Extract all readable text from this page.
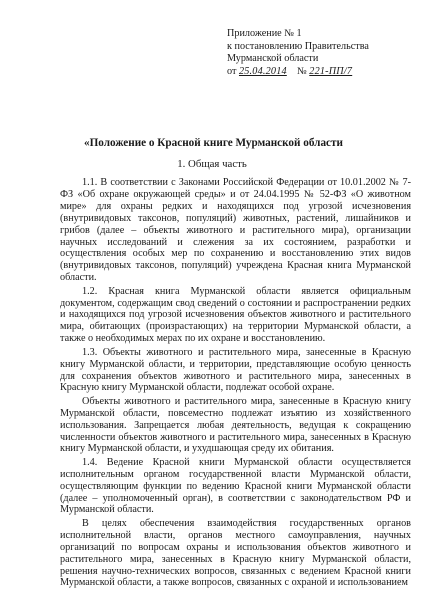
Приложение № 1
к постановлению Правительства
Мурманской области
от 25.04.2014 № 221-ПП/7
«Положение о Красной книге Мурманской области
1. Общая часть

1.1. В соответствии с Законами Российской Федерации от 10.01.2002 № 7-ФЗ «Об охране окружающей среды» и от 24.04.1995 № 52-ФЗ «О животном мире» для охраны редких и находящихся под угрозой исчезновения (внутривидовых таксонов, популяций) животных, растений, лишайников и грибов (далее – объекты животного и растительного мира), организации научных исследований и слежения за их состоянием, разработки и осуществления особых мер по сохранению и восстановлению этих видов (внутривидовых таксонов, популяций) учреждена Красная книга Мурманской области.

1.2. Красная книга Мурманской области является официальным документом, содержащим свод сведений о состоянии и распространении редких и находящихся под угрозой исчезновения объектов животного и растительного мира, обитающих (произрастающих) на территории Мурманской области, а также о необходимых мерах по их охране и восстановлению.

1.3. Объекты животного и растительного мира, занесенные в Красную книгу Мурманской области, и территории, представляющие особую ценность для сохранения объектов животного и растительного мира, занесенных в Красную книгу Мурманской области, подлежат особой охране.

Объекты животного и растительного мира, занесенные в Красную книгу Мурманской области, повсеместно подлежат изъятию из хозяйственного использования. Запрещается любая деятельность, ведущая к сокращению численности объектов животного и растительного мира, занесенных в Красную книгу Мурманской области, и ухудшающая среду их обитания.

1.4. Ведение Красной книги Мурманской области осуществляется исполнительным органом государственной власти Мурманской области, осуществляющим функции по ведению Красной книги Мурманской области (далее – уполномоченный орган), в соответствии с законодательством РФ и Мурманской области.

В целях обеспечения взаимодействия государственных органов исполнительной власти, органов местного самоуправления, научных организаций по вопросам охраны и использования объектов животного и растительного мира, занесенных в Красную книгу Мурманской области, решения научно-технических вопросов, связанных с ведением Красной книги Мурманской области, а также вопросов, связанных с охраной и использованием
